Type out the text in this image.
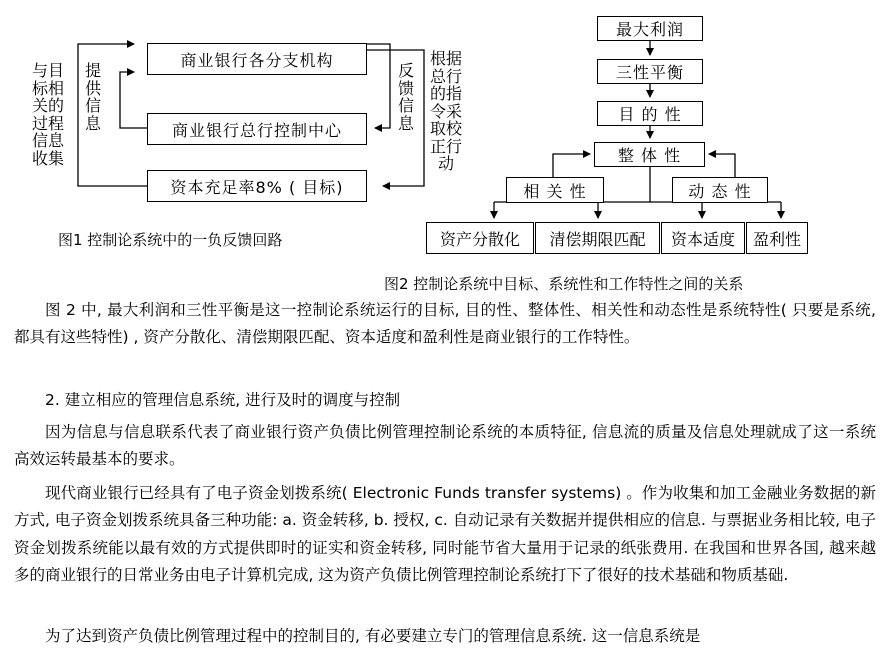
商业银行各分支机构
商业银行总行控制中心
资本充足率8% ( 目标)
提供信息
与目标相关的过程信息收集
反馈信息
根据总行的指令采取校正行动
图1 控制论系统中的一负反馈回路
最大利润
三性平衡
目 的 性
整 体 性
相 关 性	动 态 性
资产分散化 清偿期限匹配 资本适度 盈利性
图2 控制论系统中目标、系统性和工作特性之间的关系

图 2 中, 最大利润和三性平衡是这一控制论系统运行的目标, 目的性、整体性、相关性和动态性是系统特性( 只要是系统, 都具有这些特性) , 资产分散化、清偿期限匹配、资本适度和盈利性是商业银行的工作特性。

2. 建立相应的管理信息系统, 进行及时的调度与控制

因为信息与信息联系代表了商业银行资产负债比例管理控制论系统的本质特征, 信息流的质量及信息处理就成了这一系统高效运转最基本的要求。

现代商业银行已经具有了电子资金划拨系统( Electronic Funds transfer systems) 。作为收集和加工金融业务数据的新方式, 电子资金划拨系统具备三种功能: a. 资金转移, b. 授权, c. 自动记录有关数据并提供相应的信息. 与票据业务相比较, 电子资金划拨系统能以最有效的方式提供即时的证实和资金转移, 同时能节省大量用于记录的纸张费用. 在我国和世界各国, 越来越多的商业银行的日常业务由电子计算机完成, 这为资产负债比例管理控制论系统打下了很好的技术基础和物质基础.

为了达到资产负债比例管理过程中的控制目的, 有必要建立专门的管理信息系统. 这一信息系统是
